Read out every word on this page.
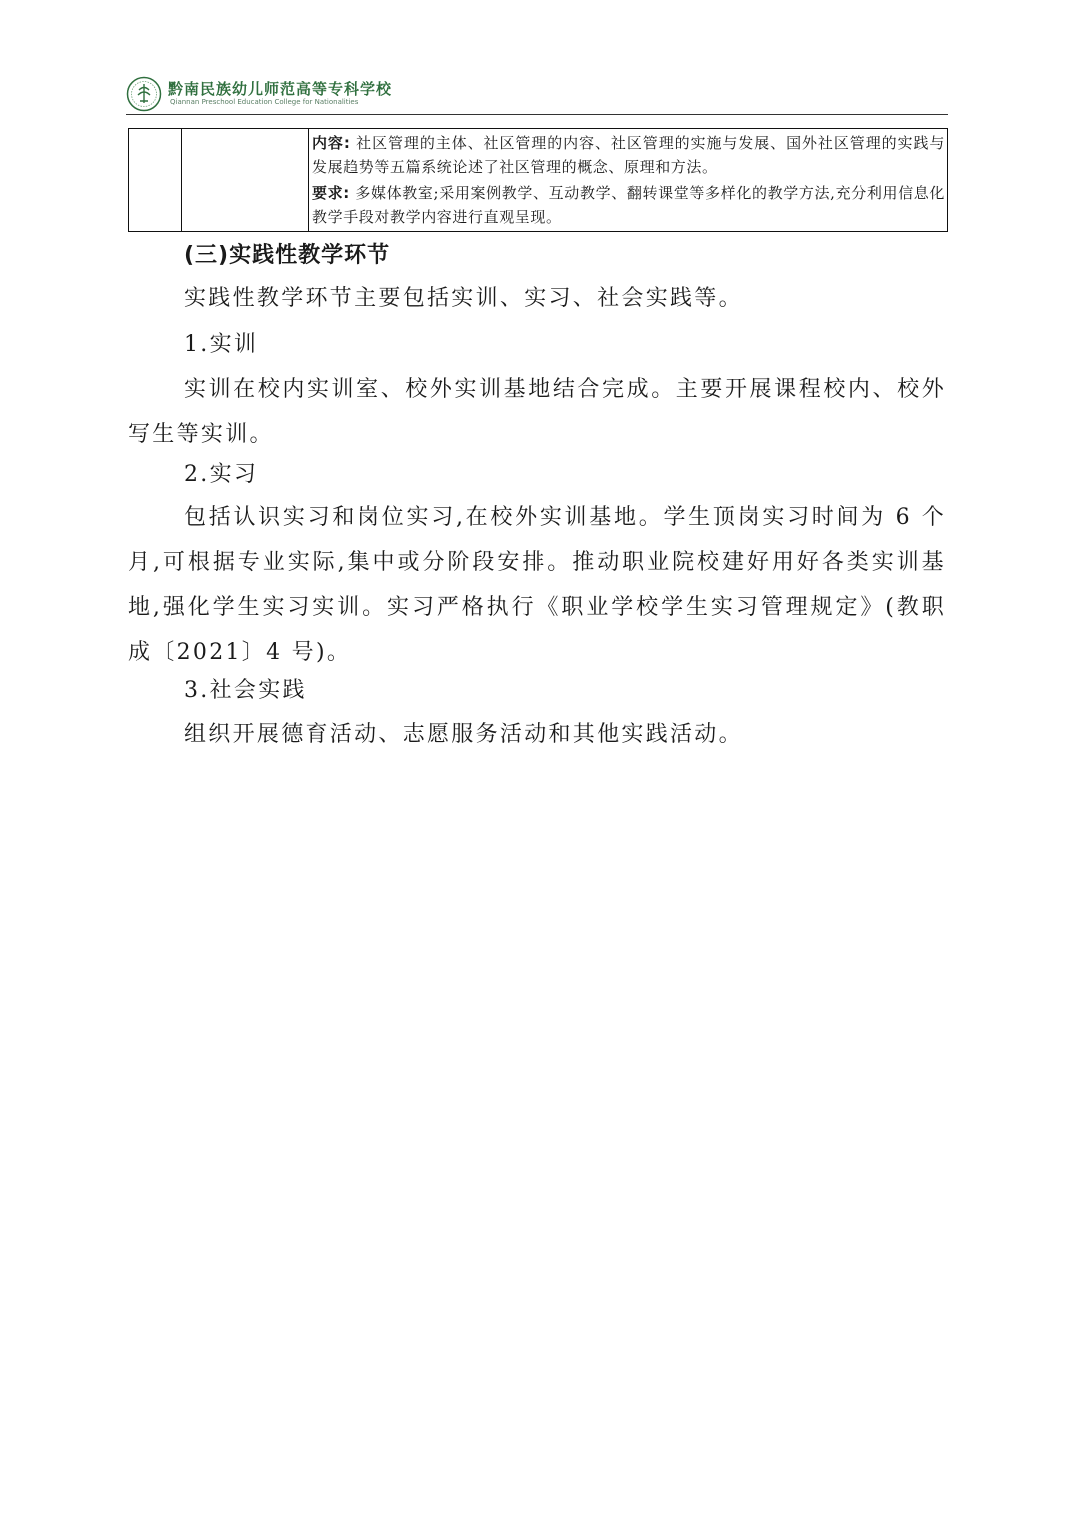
黔南民族幼儿师范高等专科学校
Qiannan Preschool Education College for Nationalities

内容: 社区管理的主体、社区管理的内容、社区管理的实施与发展、国外社区管理的实践与发展趋势等五篇系统论述了社区管理的概念、原理和方法。
要求: 多媒体教室;采用案例教学、互动教学、翻转课堂等多样化的教学方法,充分利用信息化教学手段对教学内容进行直观呈现。
(三)实践性教学环节
实践性教学环节主要包括实训、实习、社会实践等。
1.实训
实训在校内实训室、校外实训基地结合完成。主要开展课程校内、校外写生等实训。
2.实习
包括认识实习和岗位实习,在校外实训基地。学生顶岗实习时间为 6 个月,可根据专业实际,集中或分阶段安排。推动职业院校建好用好各类实训基地,强化学生实习实训。实习严格执行《职业学校学生实习管理规定》(教职成〔2021〕4 号)。
3.社会实践
组织开展德育活动、志愿服务活动和其他实践活动。
